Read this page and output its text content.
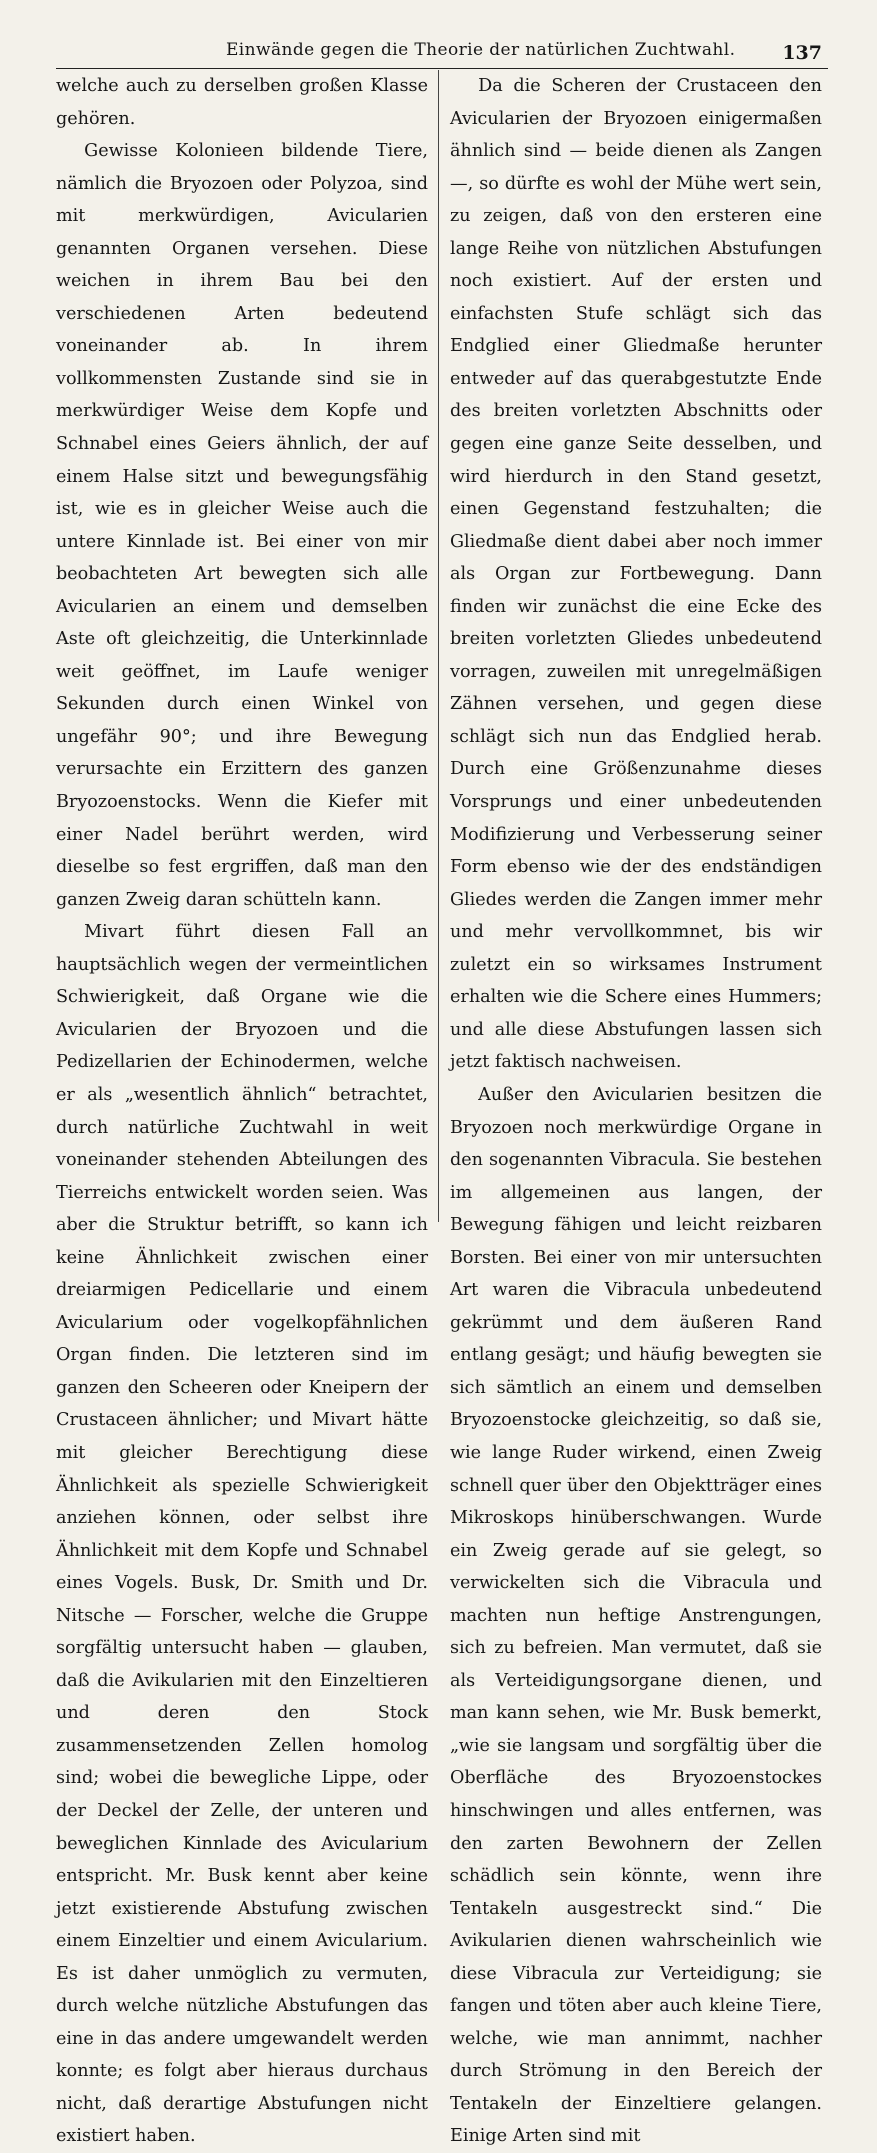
Einwände gegen die Theorie der natürlichen Zuchtwahl. 137

welche auch zu derselben großen Klasse gehören.

Gewisse Kolonieen bildende Tiere, nämlich die Bryozoen oder Polyzoa, sind mit merkwürdigen, Avicularien genannten Organen versehen. Diese weichen in ihrem Bau bei den verschiedenen Arten bedeutend voneinander ab. In ihrem vollkommensten Zustande sind sie in merkwürdiger Weise dem Kopfe und Schnabel eines Geiers ähnlich, der auf einem Halse sitzt und bewegungsfähig ist, wie es in gleicher Weise auch die untere Kinnlade ist. Bei einer von mir beobachteten Art bewegten sich alle Avicularien an einem und demselben Aste oft gleichzeitig, die Unterkinnlade weit geöffnet, im Laufe weniger Sekunden durch einen Winkel von ungefähr 90°; und ihre Bewegung verursachte ein Erzittern des ganzen Bryozoenstocks. Wenn die Kiefer mit einer Nadel berührt werden, wird dieselbe so fest ergriffen, daß man den ganzen Zweig daran schütteln kann.

Mivart führt diesen Fall an hauptsächlich wegen der vermeintlichen Schwierigkeit, daß Organe wie die Avicularien der Bryozoen und die Pedizellarien der Echinodermen, welche er als „wesentlich ähnlich“ betrachtet, durch natürliche Zuchtwahl in weit voneinander stehenden Abteilungen des Tierreichs entwickelt worden seien. Was aber die Struktur betrifft, so kann ich keine Ähnlichkeit zwischen einer dreiarmigen Pedicellarie und einem Avicularium oder vogelkopfähnlichen Organ finden. Die letzteren sind im ganzen den Scheeren oder Kneipern der Crustaceen ähnlicher; und Mivart hätte mit gleicher Berechtigung diese Ähnlichkeit als spezielle Schwierigkeit anziehen können, oder selbst ihre Ähnlichkeit mit dem Kopfe und Schnabel eines Vogels. Busk, Dr. Smith und Dr. Nitsche — Forscher, welche die Gruppe sorgfältig untersucht haben — glauben, daß die Avikularien mit den Einzeltieren und deren den Stock zusammensetzenden Zellen homolog sind; wobei die bewegliche Lippe, oder der Deckel der Zelle, der unteren und beweglichen Kinnlade des Avicularium entspricht. Mr. Busk kennt aber keine jetzt existierende Abstufung zwischen einem Einzeltier und einem Avicularium. Es ist daher unmöglich zu vermuten, durch welche nützliche Abstufungen das eine in das andere umgewandelt werden konnte; es folgt aber hieraus durchaus nicht, daß derartige Abstufungen nicht existiert haben.

Da die Scheren der Crustaceen den Avicularien der Bryozoen einigermaßen ähnlich sind — beide dienen als Zangen —, so dürfte es wohl der Mühe wert sein, zu zeigen, daß von den ersteren eine lange Reihe von nützlichen Abstufungen noch existiert. Auf der ersten und einfachsten Stufe schlägt sich das Endglied einer Gliedmaße herunter entweder auf das querabgestutzte Ende des breiten vorletzten Abschnitts oder gegen eine ganze Seite desselben, und wird hierdurch in den Stand gesetzt, einen Gegenstand festzuhalten; die Gliedmaße dient dabei aber noch immer als Organ zur Fortbewegung. Dann finden wir zunächst die eine Ecke des breiten vorletzten Gliedes unbedeutend vorragen, zuweilen mit unregelmäßigen Zähnen versehen, und gegen diese schlägt sich nun das Endglied herab. Durch eine Größenzunahme dieses Vorsprungs und einer unbedeutenden Modifizierung und Verbesserung seiner Form ebenso wie der des endständigen Gliedes werden die Zangen immer mehr und mehr vervollkommnet, bis wir zuletzt ein so wirksames Instrument erhalten wie die Schere eines Hummers; und alle diese Abstufungen lassen sich jetzt faktisch nachweisen.

Außer den Avicularien besitzen die Bryozoen noch merkwürdige Organe in den sogenannten Vibracula. Sie bestehen im allgemeinen aus langen, der Bewegung fähigen und leicht reizbaren Borsten. Bei einer von mir untersuchten Art waren die Vibracula unbedeutend gekrümmt und dem äußeren Rand entlang gesägt; und häufig bewegten sie sich sämtlich an einem und demselben Bryozoenstocke gleichzeitig, so daß sie, wie lange Ruder wirkend, einen Zweig schnell quer über den Objektträger eines Mikroskops hinüberschwangen. Wurde ein Zweig gerade auf sie gelegt, so verwickelten sich die Vibracula und machten nun heftige Anstrengungen, sich zu befreien. Man vermutet, daß sie als Verteidigungsorgane dienen, und man kann sehen, wie Mr. Busk bemerkt, „wie sie langsam und sorgfältig über die Oberfläche des Bryozoenstockes hinschwingen und alles entfernen, was den zarten Bewohnern der Zellen schädlich sein könnte, wenn ihre Tentakeln ausgestreckt sind.“ Die Avikularien dienen wahrscheinlich wie diese Vibracula zur Verteidigung; sie fangen und töten aber auch kleine Tiere, welche, wie man annimmt, nachher durch Strömung in den Bereich der Tentakeln der Einzeltiere gelangen. Einige Arten sind mit
